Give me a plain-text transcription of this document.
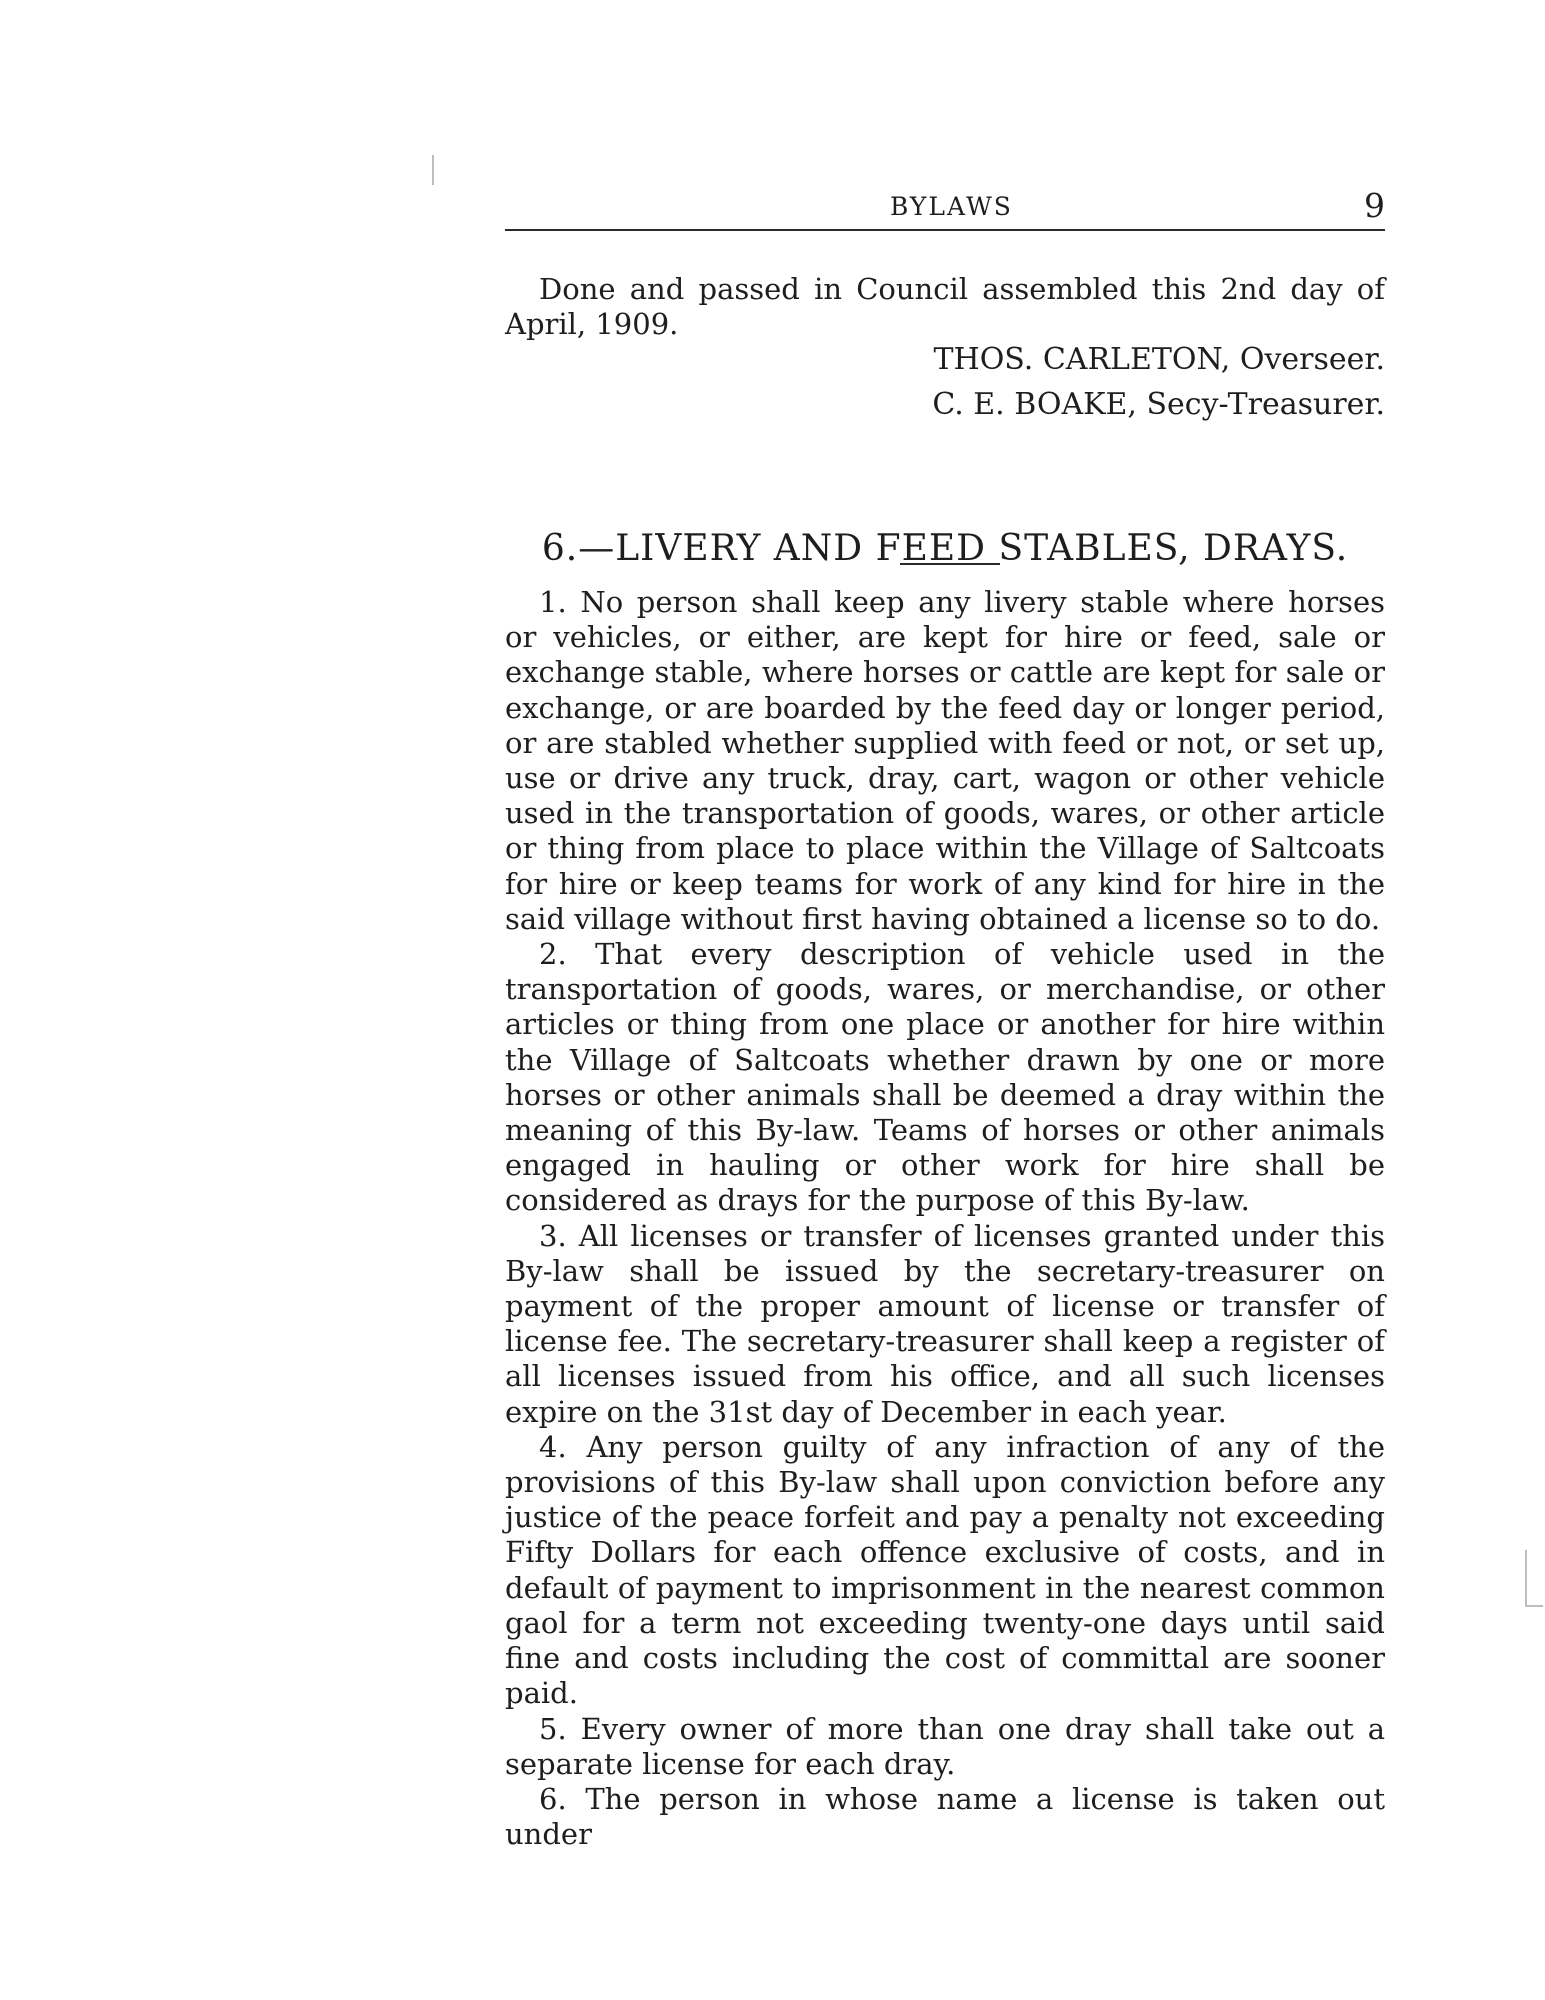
BYLAWS	9
Done and passed in Council assembled this 2nd day of April, 1909.
THOS. CARLETON, Overseer.
C. E. BOAKE, Secy-Treasurer.
6.—LIVERY AND FEED STABLES, DRAYS.

1. No person shall keep any livery stable where horses or vehicles, or either, are kept for hire or feed, sale or exchange stable, where horses or cattle are kept for sale or exchange, or are boarded by the feed day or longer period, or are stabled whether supplied with feed or not, or set up, use or drive any truck, dray, cart, wagon or other vehicle used in the transportation of goods, wares, or other article or thing from place to place within the Village of Saltcoats for hire or keep teams for work of any kind for hire in the said village without first having obtained a license so to do.

2. That every description of vehicle used in the transportation of goods, wares, or merchandise, or other articles or thing from one place or another for hire within the Village of Saltcoats whether drawn by one or more horses or other animals shall be deemed a dray within the meaning of this By-law. Teams of horses or other animals engaged in hauling or other work for hire shall be considered as drays for the purpose of this By-law.

3. All licenses or transfer of licenses granted under this By-law shall be issued by the secretary-treasurer on payment of the proper amount of license or transfer of license fee. The secretary-treasurer shall keep a register of all licenses issued from his office, and all such licenses expire on the 31st day of December in each year.

4. Any person guilty of any infraction of any of the provisions of this By-law shall upon conviction before any justice of the peace forfeit and pay a penalty not exceeding Fifty Dollars for each offence exclusive of costs, and in default of payment to imprisonment in the nearest common gaol for a term not exceeding twenty-one days until said fine and costs including the cost of committal are sooner paid.

5. Every owner of more than one dray shall take out a separate license for each dray.

6. The person in whose name a license is taken out under
